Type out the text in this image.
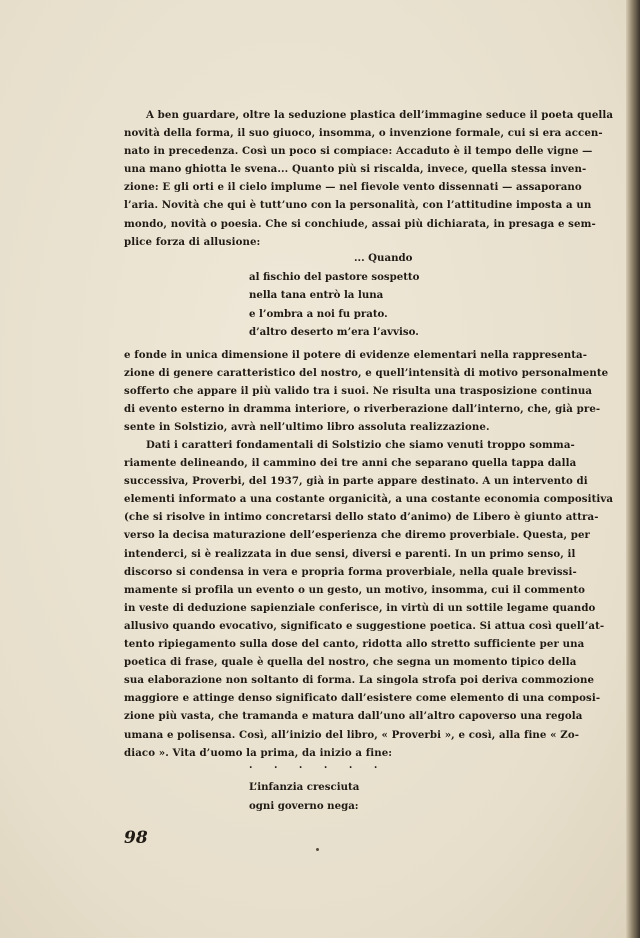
A ben guardare, oltre la seduzione plastica dell’immagine seduce il poeta quella
novità della forma, il suo giuoco, insomma, o invenzione formale, cui si era accen-
nato in precedenza. Così un poco si compiace: Accaduto è il tempo delle vigne —
una mano ghiotta le svena... Quanto più si riscalda, invece, quella stessa inven-
zione: E gli orti e il cielo implume — nel fievole vento dissennati — assaporano
l’aria. Novità che qui è tutt’uno con la personalità, con l’attitudine imposta a un
mondo, novità o poesia. Che si conchiude, assai più dichiarata, in presaga e sem-
plice forza di allusione:
... Quando
al fischio del pastore sospetto
nella tana entrò la luna
e l’ombra a noi fu prato.
d’altro deserto m’era l’avviso.
e fonde in unica dimensione il potere di evidenze elementari nella rappresenta-
zione di genere caratteristico del nostro, e quell’intensità di motivo personalmente
sofferto che appare il più valido tra i suoi. Ne risulta una trasposizione continua
di evento esterno in dramma interiore, o riverberazione dall’interno, che, già pre-
sente in Solstizio, avrà nell’ultimo libro assoluta realizzazione.
Dati i caratteri fondamentali di Solstizio che siamo venuti troppo somma-
riamente delineando, il cammino dei tre anni che separano quella tappa dalla
successiva, Proverbi, del 1937, già in parte appare destinato. A un intervento di
elementi informato a una costante organicità, a una costante economia compositiva
(che si risolve in intimo concretarsi dello stato d’animo) de Libero è giunto attra-
verso la decisa maturazione dell’esperienza che diremo proverbiale. Questa, per
intenderci, si è realizzata in due sensi, diversi e parenti. In un primo senso, il
discorso si condensa in vera e propria forma proverbiale, nella quale brevissi-
mamente si profila un evento o un gesto, un motivo, insomma, cui il commento
in veste di deduzione sapienziale conferisce, in virtù di un sottile legame quando
allusivo quando evocativo, significato e suggestione poetica. Si attua così quell’at-
tento ripiegamento sulla dose del canto, ridotta allo stretto sufficiente per una
poetica di frase, quale è quella del nostro, che segna un momento tipico della
sua elaborazione non soltanto di forma. La singola strofa poi deriva commozione
maggiore e attinge denso significato dall’esistere come elemento di una composi-
zione più vasta, che tramanda e matura dall’uno all’altro capoverso una regola
umana e polisensa. Così, all’inizio del libro, « Proverbi », e così, alla fine « Zo-
diaco ». Vita d’uomo la prima, da inizio a fine:
. . . . . .
L’infanzia cresciuta
ogni governo nega:
98
